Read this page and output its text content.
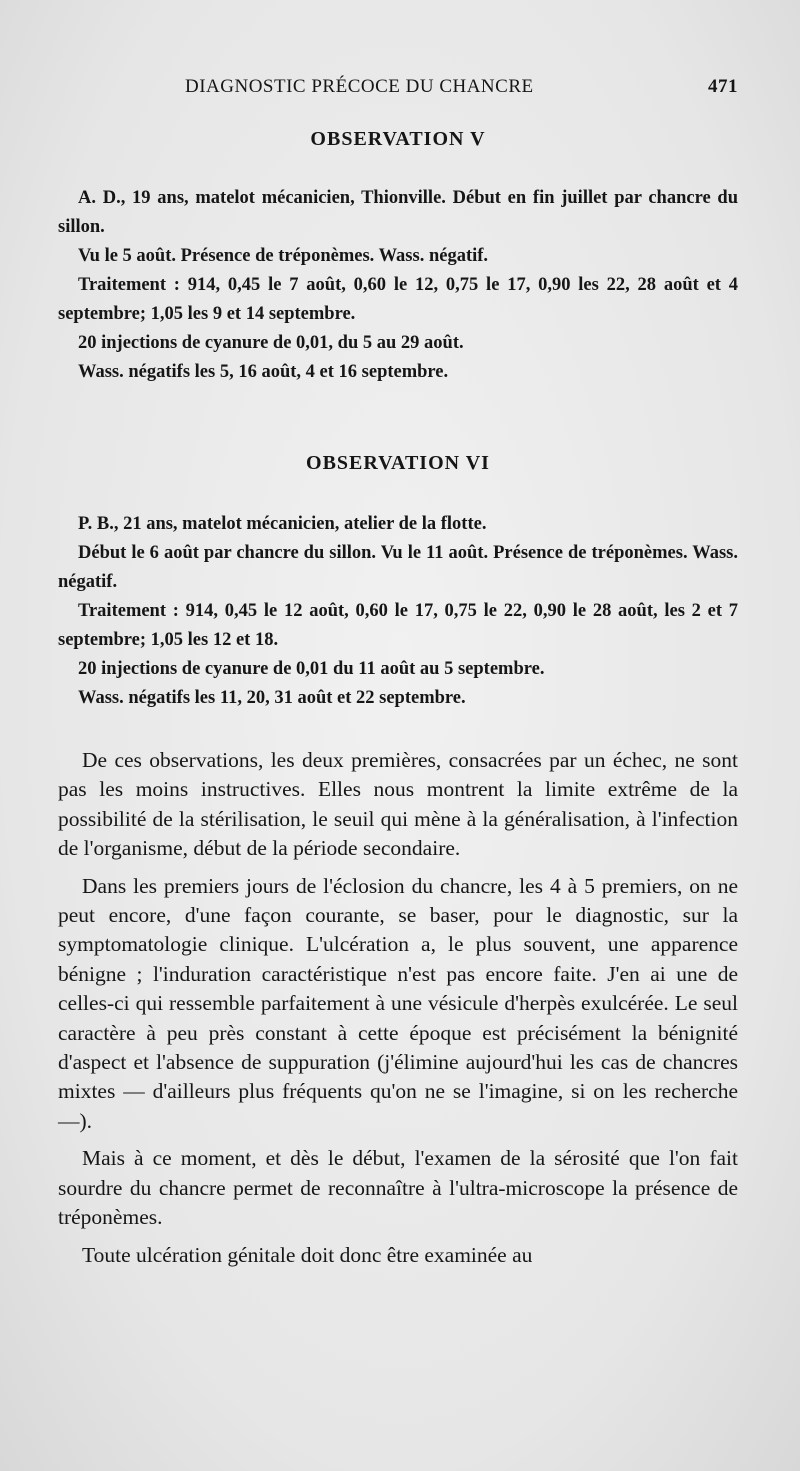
DIAGNOSTIC PRÉCOCE DU CHANCRE	471
OBSERVATION V

A. D., 19 ans, matelot mécanicien, Thionville. Début en fin juillet par chancre du sillon.

Vu le 5 août. Présence de tréponèmes. Wass. négatif.

Traitement : 914, 0,45 le 7 août, 0,60 le 12, 0,75 le 17, 0,90 les 22, 28 août et 4 septembre; 1,05 les 9 et 14 septembre.

20 injections de cyanure de 0,01, du 5 au 29 août.

Wass. négatifs les 5, 16 août, 4 et 16 septembre.

OBSERVATION VI

P. B., 21 ans, matelot mécanicien, atelier de la flotte.

Début le 6 août par chancre du sillon. Vu le 11 août. Présence de tréponèmes. Wass. négatif.

Traitement : 914, 0,45 le 12 août, 0,60 le 17, 0,75 le 22, 0,90 le 28 août, les 2 et 7 septembre; 1,05 les 12 et 18.

20 injections de cyanure de 0,01 du 11 août au 5 septembre.

Wass. négatifs les 11, 20, 31 août et 22 septembre.

De ces observations, les deux premières, consacrées par un échec, ne sont pas les moins instructives. Elles nous montrent la limite extrême de la possibilité de la stérilisation, le seuil qui mène à la généralisation, à l'infection de l'organisme, début de la période secondaire.

Dans les premiers jours de l'éclosion du chancre, les 4 à 5 premiers, on ne peut encore, d'une façon courante, se baser, pour le diagnostic, sur la symptomatologie clinique. L'ulcération a, le plus souvent, une apparence bénigne ; l'induration caractéristique n'est pas encore faite. J'en ai une de celles-ci qui ressemble parfaitement à une vésicule d'herpès exulcérée. Le seul caractère à peu près constant à cette époque est précisément la bénignité d'aspect et l'absence de suppuration (j'élimine aujourd'hui les cas de chancres mixtes — d'ailleurs plus fréquents qu'on ne se l'imagine, si on les recherche —).

Mais à ce moment, et dès le début, l'examen de la sérosité que l'on fait sourdre du chancre permet de reconnaître à l'ultra-microscope la présence de tréponèmes.

Toute ulcération génitale doit donc être examinée au
